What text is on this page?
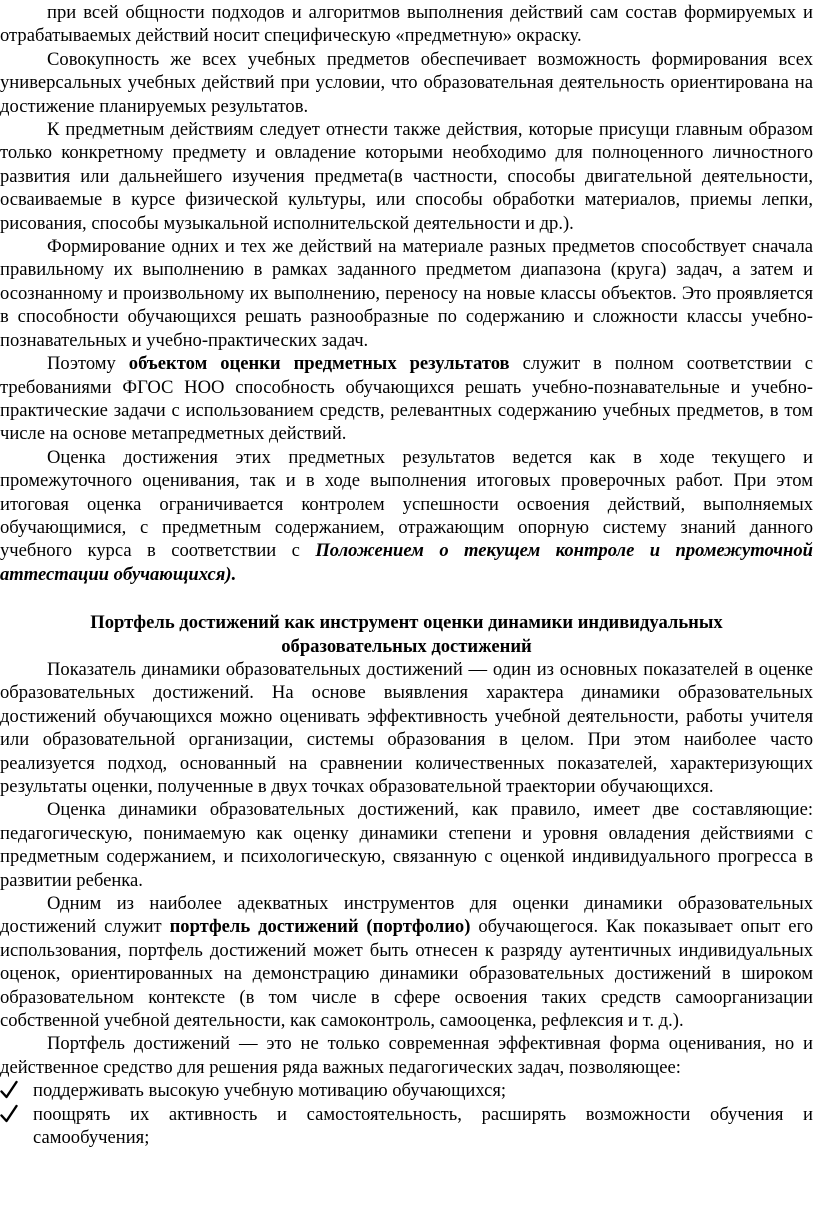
при всей общности подходов и алгоритмов выполнения действий сам состав формируемых и отрабатываемых действий носит специфическую «предметную» окраску.

Совокупность же всех учебных предметов обеспечивает возможность формирования всех универсальных учебных действий при условии, что образовательная деятельность ориентирована на достижение планируемых результатов.

К предметным действиям следует отнести также действия, которые присущи главным образом только конкретному предмету и овладение которыми необходимо для полноценного личностного развития или дальнейшего изучения предмета(в частности, способы двигательной деятельности, осваиваемые в курсе физической культуры, или способы обработки материалов, приемы лепки, рисования, способы музыкальной исполнительской деятельности и др.).

Формирование одних и тех же действий на материале разных предметов способствует сначала правильному их выполнению в рамках заданного предметом диапазона (круга) задач, а затем и осознанному и произвольному их выполнению, переносу на новые классы объектов. Это проявляется в способности обучающихся решать разнообразные по содержанию и сложности классы учебно-познавательных и учебно-практических задач.

Поэтому объектом оценки предметных результатов служит в полном соответствии с требованиями ФГОС НОО способность обучающихся решать учебно-познавательные и учебно-практические задачи с использованием средств, релевантных содержанию учебных предметов, в том числе на основе метапредметных действий.

Оценка достижения этих предметных результатов ведется как в ходе текущего и промежуточного оценивания, так и в ходе выполнения итоговых проверочных работ. При этом итоговая оценка ограничивается контролем успешности освоения действий, выполняемых обучающимися, с предметным содержанием, отражающим опорную систему знаний данного учебного курса в соответствии с Положением о текущем контроле и промежуточной аттестации обучающихся).

Портфель достижений как инструмент оценки динамики индивидуальных образовательных достижений

Показатель динамики образовательных достижений — один из основных показателей в оценке образовательных достижений. На основе выявления характера динамики образовательных достижений обучающихся можно оценивать эффективность учебной деятельности, работы учителя или образовательной организации, системы образования в целом. При этом наиболее часто реализуется подход, основанный на сравнении количественных показателей, характеризующих результаты оценки, полученные в двух точках образовательной траектории обучающихся.

Оценка динамики образовательных достижений, как правило, имеет две составляющие: педагогическую, понимаемую как оценку динамики степени и уровня овладения действиями с предметным содержанием, и психологическую, связанную с оценкой индивидуального прогресса в развитии ребенка.

Одним из наиболее адекватных инструментов для оценки динамики образовательных достижений служит портфель достижений (портфолио) обучающегося. Как показывает опыт его использования, портфель достижений может быть отнесен к разряду аутентичных индивидуальных оценок, ориентированных на демонстрацию динамики образовательных достижений в широком образовательном контексте (в том числе в сфере освоения таких средств самоорганизации собственной учебной деятельности, как самоконтроль, самооценка, рефлексия и т. д.).

Портфель достижений — это не только современная эффективная форма оценивания, но и действенное средство для решения ряда важных педагогических задач, позволяющее:

поддерживать высокую учебную мотивацию обучающихся;
поощрять их активность и самостоятельность, расширять возможности обучения и самообучения;
